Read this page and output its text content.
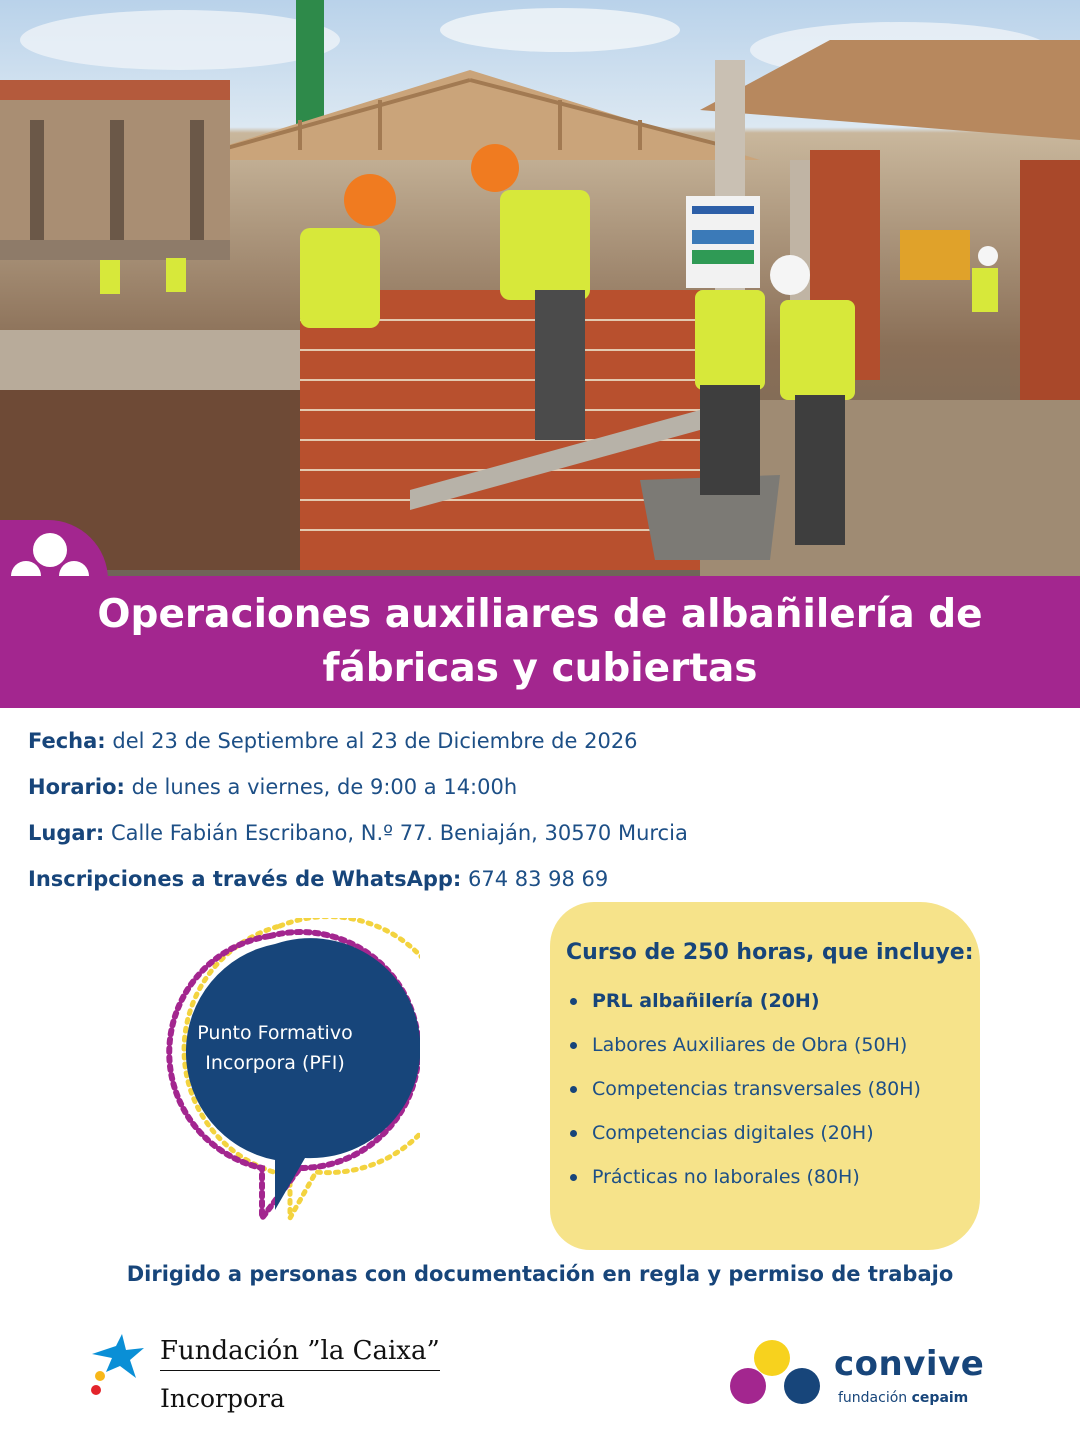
Operaciones auxiliares de albañilería de fábricas y cubiertas
Fecha: del 23 de Septiembre al 23 de Diciembre de 2026
Horario: de lunes a viernes, de 9:00 a 14:00h
Lugar: Calle Fabián Escribano, N.º 77. Beniaján, 30570 Murcia
Inscripciones a través de WhatsApp: 674 83 98 69
Punto Formativo
Incorpora (PFI)
Curso de 250 horas, que incluye:
PRL albañilería (20H)
Labores Auxiliares de Obra (50H)
Competencias transversales (80H)
Competencias digitales (20H)
Prácticas no laborales (80H)
Dirigido a personas con documentación en regla y permiso de trabajo
Fundación ”la Caixa”
Incorpora
convive
fundación cepaim
